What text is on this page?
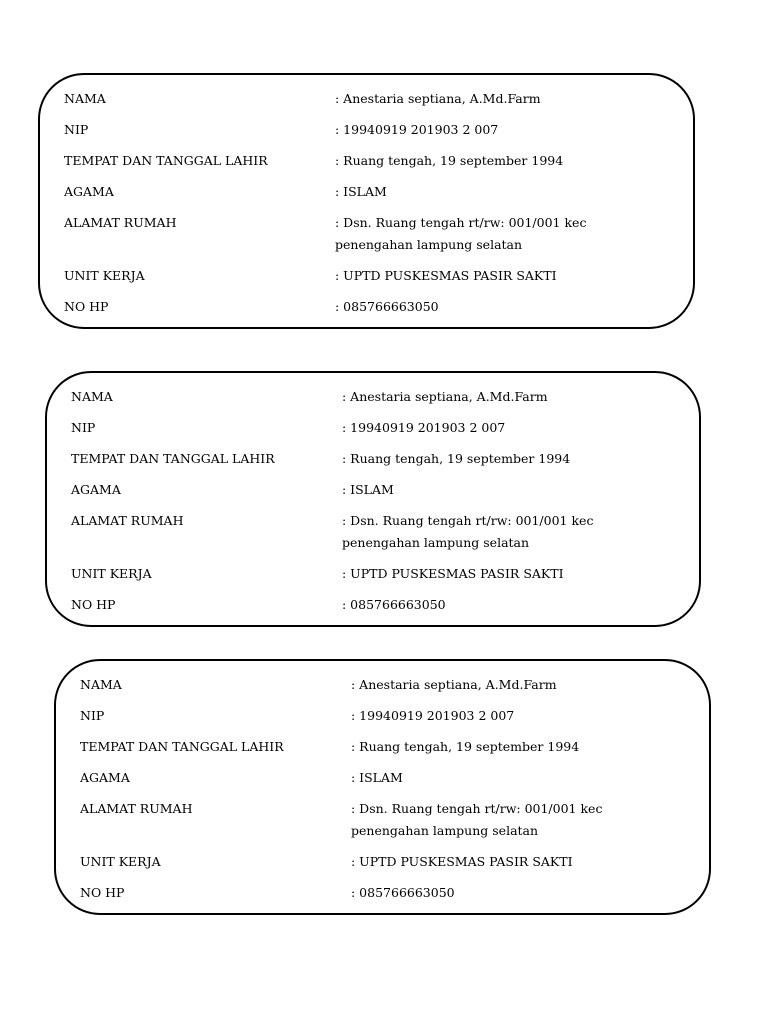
NAMA	: Anestaria septiana, A.Md.Farm
NIP	: 19940919 201903 2 007
TEMPAT DAN TANGGAL LAHIR	: Ruang tengah, 19 september 1994
AGAMA	: ISLAM
ALAMAT RUMAH	: Dsn. Ruang tengah rt/rw: 001/001 kec
penengahan lampung selatan
UNIT KERJA	: UPTD PUSKESMAS PASIR SAKTI
NO HP	: 085766663050
NAMA	: Anestaria septiana, A.Md.Farm
NIP	: 19940919 201903 2 007
TEMPAT DAN TANGGAL LAHIR	: Ruang tengah, 19 september 1994
AGAMA	: ISLAM
ALAMAT RUMAH	: Dsn. Ruang tengah rt/rw: 001/001 kec
penengahan lampung selatan
UNIT KERJA	: UPTD PUSKESMAS PASIR SAKTI
NO HP	: 085766663050
NAMA	: Anestaria septiana, A.Md.Farm
NIP	: 19940919 201903 2 007
TEMPAT DAN TANGGAL LAHIR	: Ruang tengah, 19 september 1994
AGAMA	: ISLAM
ALAMAT RUMAH	: Dsn. Ruang tengah rt/rw: 001/001 kec
penengahan lampung selatan
UNIT KERJA	: UPTD PUSKESMAS PASIR SAKTI
NO HP	: 085766663050
